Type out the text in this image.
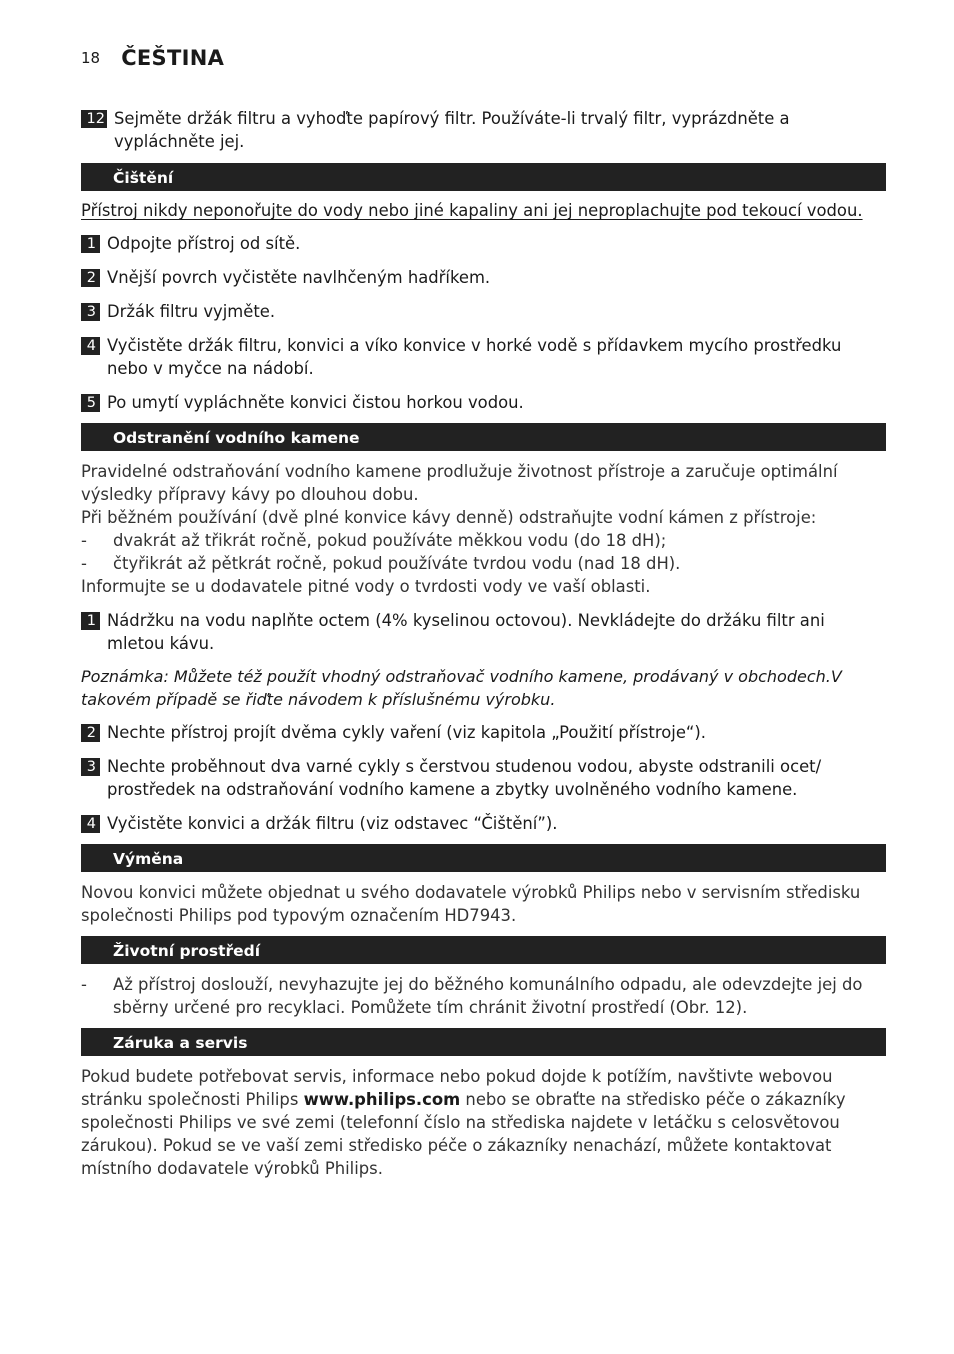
18 ČEŠTINA
12 Sejměte držák filtru a vyhoďte papírový filtr. Používáte-li trvalý filtr, vyprázdněte a vypláchněte jej.
Čištění
Přístroj nikdy neponořujte do vody nebo jiné kapaliny ani jej neproplachujte pod tekoucí vodou.
1 Odpojte přístroj od sítě.
2 Vnější povrch vyčistěte navlhčeným hadříkem.
3 Držák filtru vyjměte.
4 Vyčistěte držák filtru, konvici a víko konvice v horké vodě s přídavkem mycího prostředku nebo v myčce na nádobí.
5 Po umytí vypláchněte konvici čistou horkou vodou.
Odstranění vodního kamene
Pravidelné odstraňování vodního kamene prodlužuje životnost přístroje a zaručuje optimální výsledky přípravy kávy po dlouhou dobu.
Při běžném používání (dvě plné konvice kávy denně) odstraňujte vodní kámen z přístroje:
-	dvakrát až třikrát ročně, pokud používáte měkkou vodu (do 18 dH);
-	čtyřikrát až pětkrát ročně, pokud používáte tvrdou vodu (nad 18 dH).
Informujte se u dodavatele pitné vody o tvrdosti vody ve vaší oblasti.
1 Nádržku na vodu naplňte octem (4% kyselinou octovou). Nevkládejte do držáku filtr ani mletou kávu.
Poznámka: Můžete též použít vhodný odstraňovač vodního kamene, prodávaný v obchodech.V takovém případě se řiďte návodem k příslušnému výrobku.
2 Nechte přístroj projít dvěma cykly vaření (viz kapitola „Použití přístroje“).
3 Nechte proběhnout dva varné cykly s čerstvou studenou vodou, abyste odstranili ocet/ prostředek na odstraňování vodního kamene a zbytky uvolněného vodního kamene.
4 Vyčistěte konvici a držák filtru (viz odstavec “Čištění”).
Výměna
Novou konvici můžete objednat u svého dodavatele výrobků Philips nebo v servisním středisku společnosti Philips pod typovým označením HD7943.
Životní prostředí
-	Až přístroj doslouží, nevyhazujte jej do běžného komunálního odpadu, ale odevzdejte jej do sběrny určené pro recyklaci. Pomůžete tím chránit životní prostředí (Obr. 12).
Záruka a servis
Pokud budete potřebovat servis, informace nebo pokud dojde k potížím, navštivte webovou stránku společnosti Philips www.philips.com nebo se obraťte na středisko péče o zákazníky společnosti Philips ve své zemi (telefonní číslo na střediska najdete v letáčku s celosvětovou zárukou). Pokud se ve vaší zemi středisko péče o zákazníky nenachází, můžete kontaktovat místního dodavatele výrobků Philips.
